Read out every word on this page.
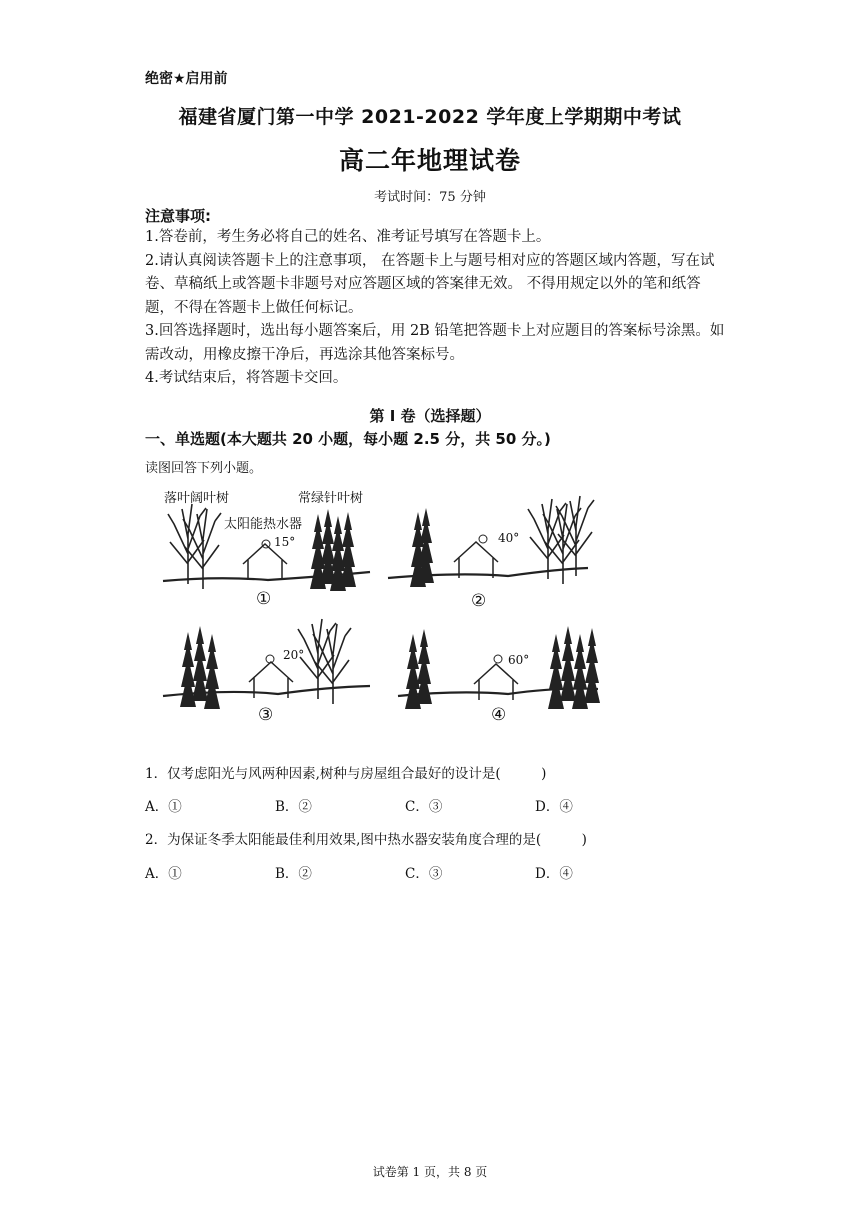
绝密★启用前
福建省厦门第一中学 2021-2022 学年度上学期期中考试
高二年地理试卷
考试时间：75 分钟
注意事项:

1.答卷前，考生务必将自己的姓名、准考证号填写在答题卡上。

2.请认真阅读答题卡上的注意事项， 在答题卡上与题号相对应的答题区域内答题，写在试卷、草稿纸上或答题卡非题号对应答题区域的答案律无效。 不得用规定以外的笔和纸答题，不得在答题卡上做任何标记。

3.回答选择题时，选出每小题答案后，用 2B 铅笔把答题卡上对应题目的答案标号涂黑。如需改动，用橡皮擦干净后，再选涂其他答案标号。

4.考试结束后，将答题卡交回。

第 I 卷（选择题）
一、单选题(本大题共 20 小题，每小题 2.5 分，共 50 分。)
读图回答下列小题。
落叶阔叶树	常绿针叶树
太阳能热水器
15°
①
40°
②
20°
③
60°
④
1．仅考虑阳光与风两种因素,树种与房屋组合最好的设计是(　　　)
A．①	B．②	C．③	D．④
2．为保证冬季太阳能最佳利用效果,图中热水器安装角度合理的是(　　　)
A．①	B．②	C．③	D．④
试卷第 1 页，共 8 页
